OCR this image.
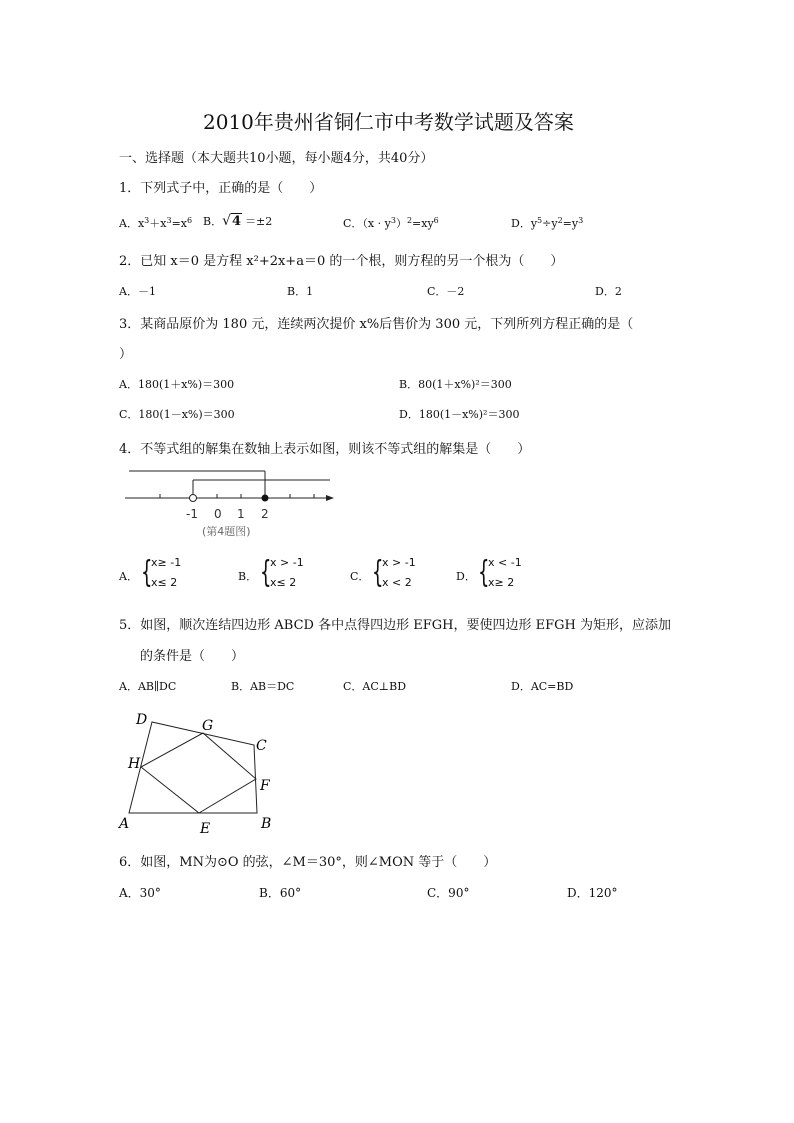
2010年贵州省铜仁市中考数学试题及答案
一、选择题（本大题共10小题，每小题4分，共40分）
1．下列式子中，正确的是（　　）
A．$x^3+x^3=x^6$ B．√4 ＝±2	C．$(x \cdot y^3)^2=xy^6$	D．$y^5\div y^2=y^3$
2．已知 x＝0 是方程 x²+2x+a＝0 的一个根，则方程的另一个根为（　　）
A．－1	B．1	C．－2	D．2
3．某商品原价为 180 元，连续两次提价 x%后售价为 300 元，下列所列方程正确的是（
）
A．180(1＋x%)＝300	B．80(1＋x%)²＝300
C．180(1－x%)＝300	D．180(1－x%)²＝300
4．不等式组的解集在数轴上表示如图，则该不等式组的解集是（　　）
-1 0 1 2
(第4题图)
A． {
x≥ -1
x≤ 2	B． {
x > -1
x≤ 2	C． {
x > -1
x < 2	D． {
x < -1
x≥ 2
5．如图，顺次连结四边形 ABCD 各中点得四边形 EFGH，要使四边形 EFGH 为矩形，应添加
的条件是（　　）
A．AB∥DC	B．AB＝DC	C．AC⊥BD	D．AC=BD
D	G
C
H
F
A	E	B
6．如图，MN为⊙O 的弦，∠M＝30°，则∠MON 等于（　　）
A．30°	B．60°	C．90°	D．120°
